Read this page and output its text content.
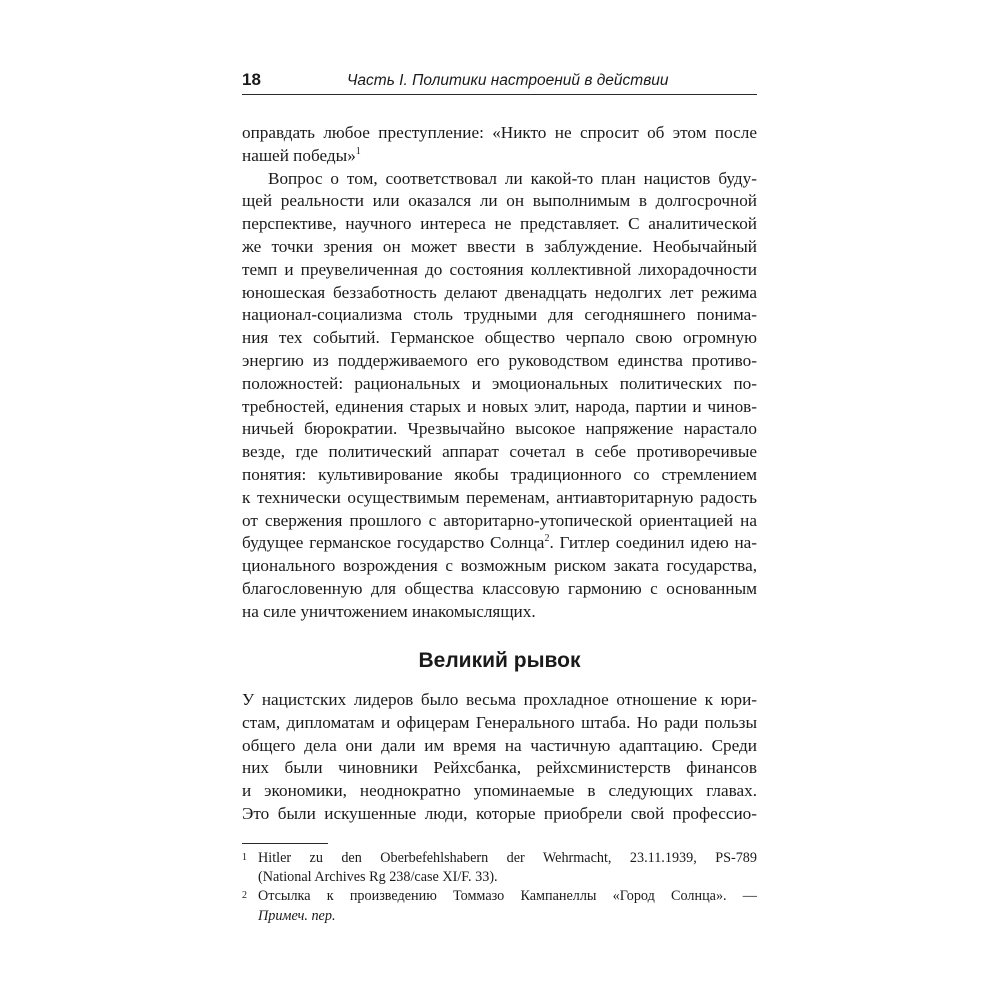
18	Часть I. Политики настроений в действии

оправдать любое преступление: «Никто не спросит об этом после
нашей победы»$^1$

Вопрос о том, соответствовал ли какой-то план нацистов буду-
щей реальности или оказался ли он выполнимым в долгосрочной
перспективе, научного интереса не представляет. С аналитической
же точки зрения он может ввести в заблуждение. Необычайный
темп и преувеличенная до состояния коллективной лихорадочности
юношеская беззаботность делают двенадцать недолгих лет режима
национал-социализма столь трудными для сегодняшнего понима-
ния тех событий. Германское общество черпало свою огромную
энергию из поддерживаемого его руководством единства противо-
положностей: рациональных и эмоциональных политических по-
требностей, единения старых и новых элит, народа, партии и чинов-
ничьей бюрократии. Чрезвычайно высокое напряжение нарастало
везде, где политический аппарат сочетал в себе противоречивые
понятия: культивирование якобы традиционного со стремлением
к технически осуществимым переменам, антиавторитарную радость
от свержения прошлого с авторитарно-утопической ориентацией на
будущее германское государство Солнца$^2$. Гитлер соединил идею на-
ционального возрождения с возможным риском заката государства,
благословенную для общества классовую гармонию с основанным
на силе уничтожением инакомыслящих.

Великий рывок

У нацистских лидеров было весьма прохладное отношение к юри-
стам, дипломатам и офицерам Генерального штаба. Но ради пользы
общего дела они дали им время на частичную адаптацию. Среди
них были чиновники Рейхсбанка, рейхсминистерств финансов
и экономики, неоднократно упоминаемые в следующих главах.
Это были искушенные люди, которые приобрели свой профессио-

1 Hitler zu den Oberbefehlshabern der Wehrmacht, 23.11.1939, PS-789
(National Archives Rg 238/case XI/F. 33).
2 Отсылка к произведению Томмазо Кампанеллы «Город Солнца». —
Примеч. пер.
